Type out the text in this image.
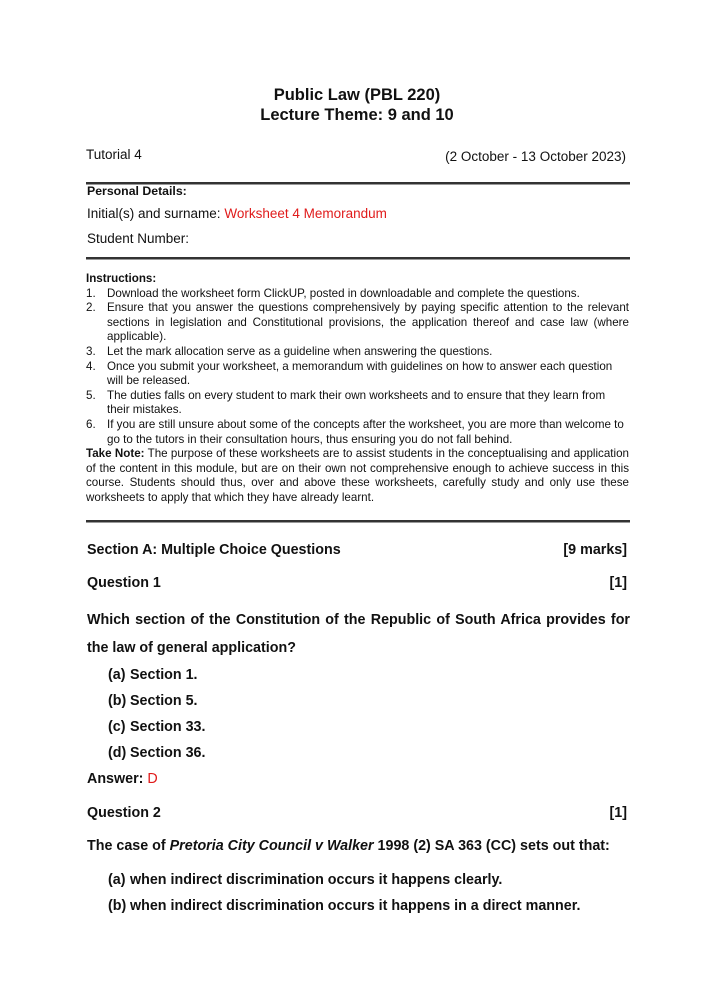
Public Law (PBL 220)
Lecture Theme: 9 and 10
Tutorial 4	(2 October - 13 October 2023)
Personal Details:
Initial(s) and surname: Worksheet 4 Memorandum
Student Number:
Instructions:
1. Download the worksheet form ClickUP, posted in downloadable and complete the questions.
2. Ensure that you answer the questions comprehensively by paying specific attention to the relevant sections in legislation and Constitutional provisions, the application thereof and case law (where applicable).
3. Let the mark allocation serve as a guideline when answering the questions.
4. Once you submit your worksheet, a memorandum with guidelines on how to answer each question will be released.
5. The duties falls on every student to mark their own worksheets and to ensure that they learn from their mistakes.
6. If you are still unsure about some of the concepts after the worksheet, you are more than welcome to go to the tutors in their consultation hours, thus ensuring you do not fall behind.
Take Note: The purpose of these worksheets are to assist students in the conceptualising and application of the content in this module, but are on their own not comprehensive enough to achieve success in this course. Students should thus, over and above these worksheets, carefully study and only use these worksheets to apply that which they have already learnt.
Section A: Multiple Choice Questions	[9 marks]
Question 1	[1]
Which section of the Constitution of the Republic of South Africa provides for the law of general application?
(a) Section 1.
(b) Section 5.
(c) Section 33.
(d) Section 36.
Answer: D
Question 2	[1]
The case of Pretoria City Council v Walker 1998 (2) SA 363 (CC) sets out that:
(a) when indirect discrimination occurs it happens clearly.
(b) when indirect discrimination occurs it happens in a direct manner.
